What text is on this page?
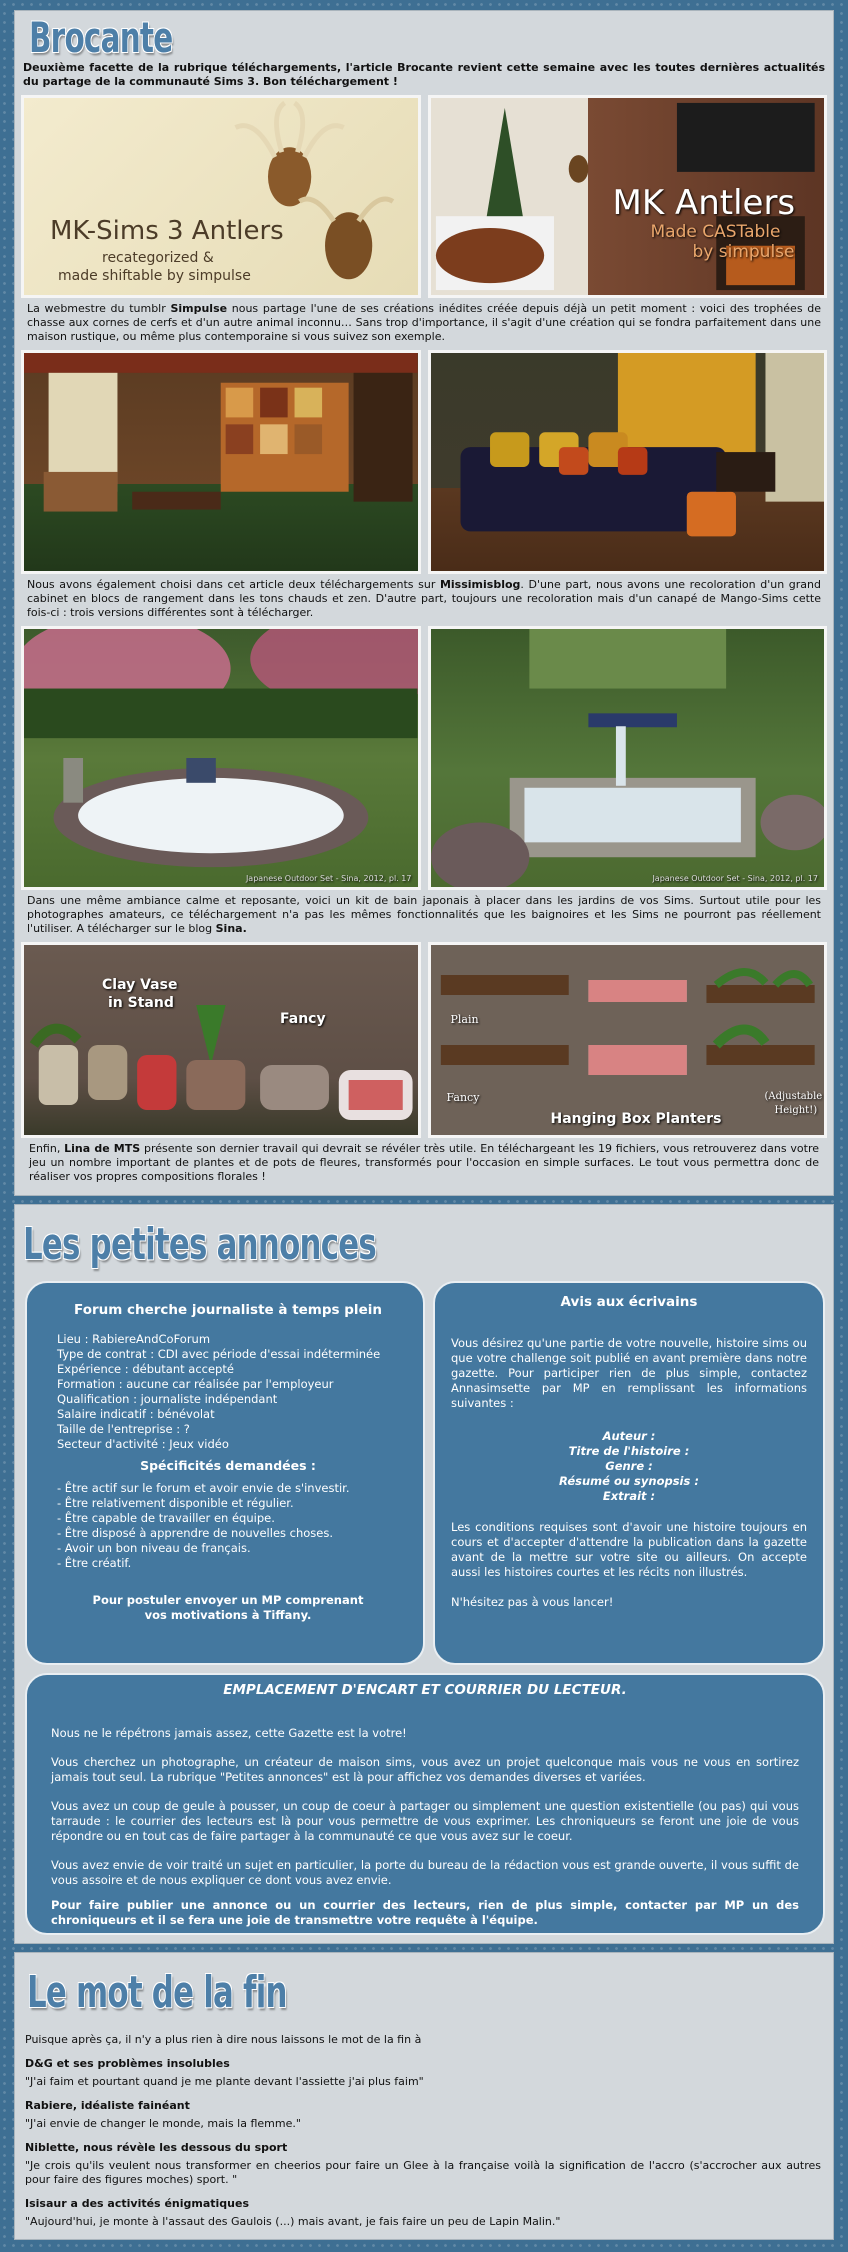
Brocante

Deuxième facette de la rubrique téléchargements, l'article Brocante revient cette semaine avec les toutes dernières actualités du partage de la communauté Sims 3. Bon téléchargement !

MK-Sims 3 Antlers
recategorized &
made shiftable by simpulse
MK Antlers
Made CASTable
by simpulse

La webmestre du tumblr Simpulse nous partage l'une de ses créations inédites créée depuis déjà un petit moment : voici des trophées de chasse aux cornes de cerfs et d'un autre animal inconnu… Sans trop d'importance, il s'agit d'une création qui se fondra parfaitement dans une maison rustique, ou même plus contemporaine si vous suivez son exemple.

Nous avons également choisi dans cet article deux téléchargements sur Missimisblog. D'une part, nous avons une recoloration d'un grand cabinet en blocs de rangement dans les tons chauds et zen. D'autre part, toujours une recoloration mais d'un canapé de Mango-Sims cette fois-ci : trois versions différentes sont à télécharger.

Japanese Outdoor Set - Sina, 2012, pl. 17	Japanese Outdoor Set - Sina, 2012, pl. 17

Dans une même ambiance calme et reposante, voici un kit de bain japonais à placer dans les jardins de vos Sims. Surtout utile pour les photographes amateurs, ce téléchargement n'a pas les mêmes fonctionnalités que les baignoires et les Sims ne pourront pas réellement l'utiliser. A télécharger sur le blog Sina.

Clay Vase
in Stand
Fancy	Plain
Fancy
Hanging Box Planters
(Adjustable
Height!)

Enfin, Lina de MTS présente son dernier travail qui devrait se révéler très utile. En téléchargeant les 19 fichiers, vous retrouverez dans votre jeu un nombre important de plantes et de pots de fleures, transformés pour l'occasion en simple surfaces. Le tout vous permettra donc de réaliser vos propres compositions florales !

Les petites annonces
Forum cherche journaliste à temps plein
Lieu : RabiereAndCoForum
Type de contrat : CDI avec période d'essai indéterminée
Expérience : débutant accepté
Formation : aucune car réalisée par l'employeur
Qualification : journaliste indépendant
Salaire indicatif : bénévolat
Taille de l'entreprise : ?
Secteur d'activité : Jeux vidéo
Spécificités demandées :
- Être actif sur le forum et avoir envie de s'investir.
- Être relativement disponible et régulier.
- Être capable de travailler en équipe.
- Être disposé à apprendre de nouvelles choses.
- Avoir un bon niveau de français.
- Être créatif.
Pour postuler envoyer un MP comprenant vos motivations à Tiffany.
Avis aux écrivains

Vous désirez qu'une partie de votre nouvelle, histoire sims ou que votre challenge soit publié en avant première dans notre gazette. Pour participer rien de plus simple, contactez Annasimsette par MP en remplissant les informations suivantes :

Auteur :
Titre de l'histoire :
Genre :
Résumé ou synopsis :
Extrait :

Les conditions requises sont d'avoir une histoire toujours en cours et d'accepter d'attendre la publication dans la gazette avant de la mettre sur votre site ou ailleurs. On accepte aussi les histoires courtes et les récits non illustrés.

N'hésitez pas à vous lancer!

EMPLACEMENT D'ENCART ET COURRIER DU LECTEUR.

Nous ne le répétrons jamais assez, cette Gazette est la votre!

Vous cherchez un photographe, un créateur de maison sims, vous avez un projet quelconque mais vous ne vous en sortirez jamais tout seul. La rubrique "Petites annonces" est là pour affichez vos demandes diverses et variées.

Vous avez un coup de geule à pousser, un coup de coeur à partager ou simplement une question existentielle (ou pas) qui vous tarraude : le courrier des lecteurs est là pour vous permettre de vous exprimer. Les chroniqueurs se feront une joie de vous répondre ou en tout cas de faire partager à la communauté ce que vous avez sur le coeur.

Vous avez envie de voir traité un sujet en particulier, la porte du bureau de la rédaction vous est grande ouverte, il vous suffit de vous assoire et de nous expliquer ce dont vous avez envie.

Pour faire publier une annonce ou un courrier des lecteurs, rien de plus simple, contacter par MP un des chroniqueurs et il se fera une joie de transmettre votre requête à l'équipe.

Le mot de la fin
Puisque après ça, il n'y a plus rien à dire nous laissons le mot de la fin à
D&G et ses problèmes insolubles
"J'ai faim et pourtant quand je me plante devant l'assiette j'ai plus faim"
Rabiere, idéaliste fainéant
"J'ai envie de changer le monde, mais la flemme."
Niblette, nous révèle les dessous du sport
"Je crois qu'ils veulent nous transformer en cheerios pour faire un Glee à la française voilà la signification de l'accro (s'accrocher aux autres pour faire des figures moches) sport. "
Isisaur a des activités énigmatiques
"Aujourd'hui, je monte à l'assaut des Gaulois (...) mais avant, je fais faire un peu de Lapin Malin."
